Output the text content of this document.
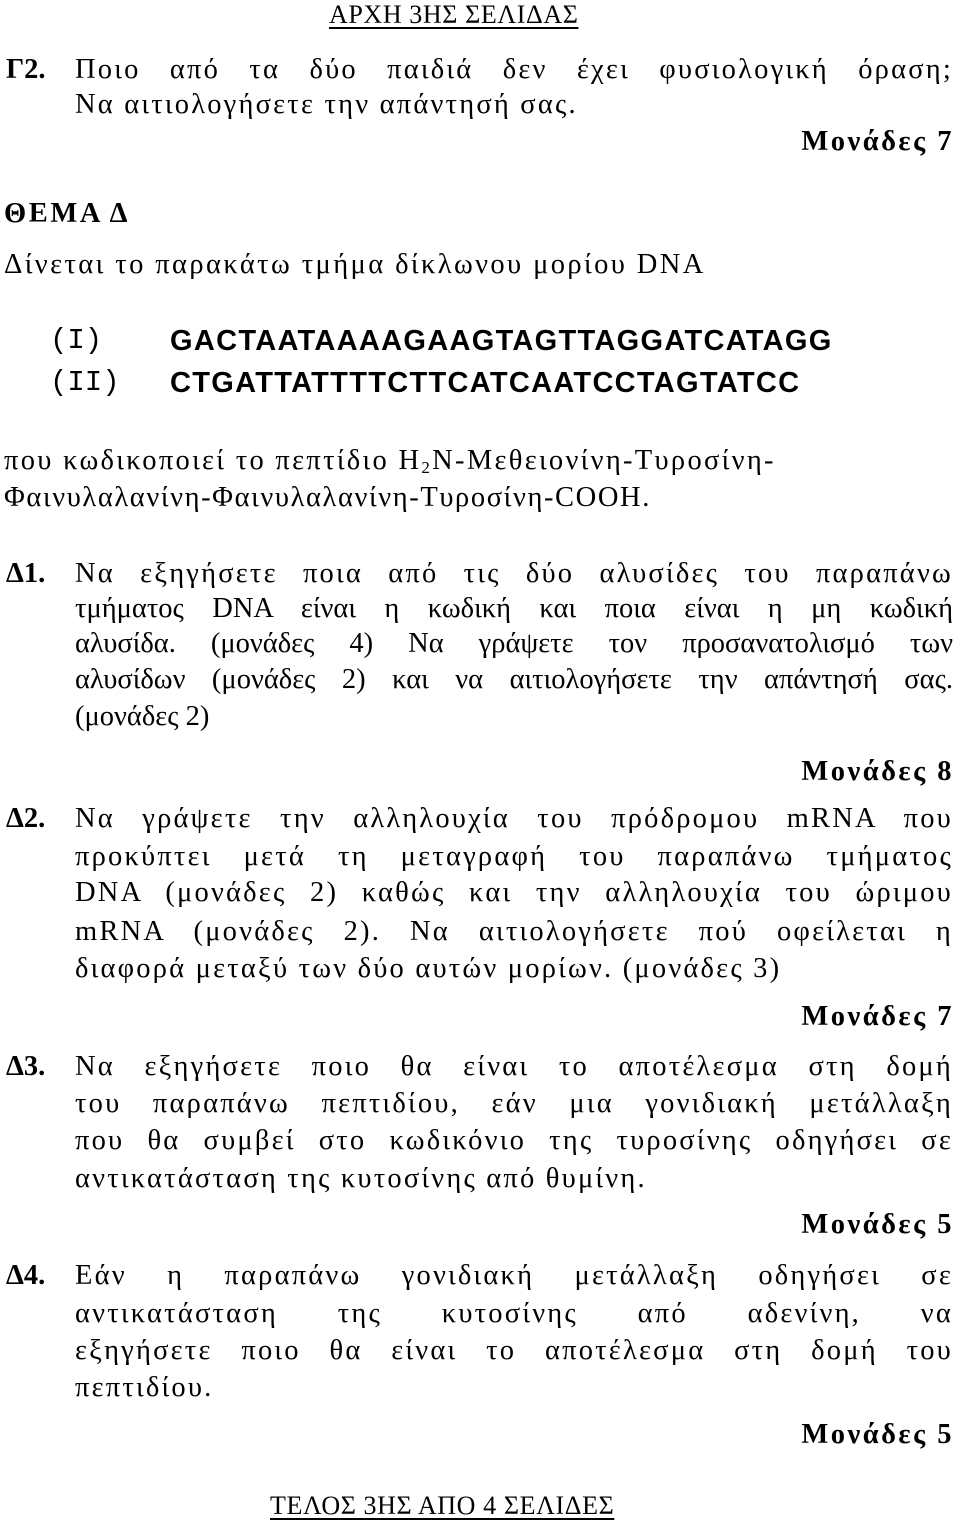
ΑΡΧΗ 3ΗΣ ΣΕΛΙΔΑΣ
Γ2. Ποιο από τα δύο παιδιά δεν έχει φυσιολογική όραση;
Να αιτιολογήσετε την απάντησή σας.
Μονάδες 7
ΘΕΜΑ Δ
Δίνεται το παρακάτω τμήμα δίκλωνου μορίου DNA
(I) GACTAATAAAAGAAGTAGTTAGGATCATAGG
(II) CTGATTATTTTCTTCATCAATCCTAGTATCC
που κωδικοποιεί το πεπτίδιο $H_2N-M\varepsilon\theta\varepsilon\iota o\nu ί\nu\eta-T\upsilon\rho o\sigma ί\nu\eta-$
Φαινυλαλανίνη-Φαινυλαλανίνη-Τυροσίνη-COOH.
Δ1. Να εξηγήσετε ποια από τις δύο αλυσίδες του παραπάνω
τμήματος DNA είναι η κωδική και ποια είναι η μη κωδική
αλυσίδα. (μονάδες 4) Να γράψετε τον προσανατολισμό των
αλυσίδων (μονάδες 2) και να αιτιολογήσετε την απάντησή σας.
(μονάδες 2)
Μονάδες 8
Δ2. Να γράψετε την αλληλουχία του πρόδρομου mRNA που
προκύπτει μετά τη μεταγραφή του παραπάνω τμήματος
DNA (μονάδες 2) καθώς και την αλληλουχία του ώριμου
mRNA (μονάδες 2). Να αιτιολογήσετε πού οφείλεται η
διαφορά μεταξύ των δύο αυτών μορίων. (μονάδες 3)
Μονάδες 7
Δ3. Να εξηγήσετε ποιο θα είναι το αποτέλεσμα στη δομή
του παραπάνω πεπτιδίου, εάν μια γονιδιακή μετάλλαξη
που θα συμβεί στο κωδικόνιο της τυροσίνης οδηγήσει σε
αντικατάσταση της κυτοσίνης από θυμίνη.
Μονάδες 5
Δ4. Εάν η παραπάνω γονιδιακή μετάλλαξη οδηγήσει σε
αντικατάσταση της κυτοσίνης από αδενίνη, να
εξηγήσετε ποιο θα είναι το αποτέλεσμα στη δομή του
πεπτιδίου.
Μονάδες 5
ΤΕΛΟΣ 3ΗΣ ΑΠΟ 4 ΣΕΛΙΔΕΣ
